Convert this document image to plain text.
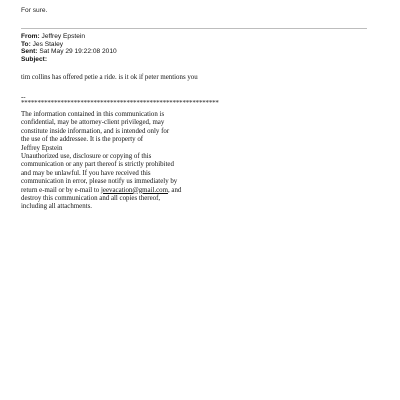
For sure.

From: Jeffrey Epstein
To: Jes Staley
Sent: Sat May 29 19:22:08 2010
Subject:
tim collins has offered petie a ride. is it ok if peter mentions you
--
************************************************************
The information contained in this communication is
confidential, may be attorney-client privileged, may
constitute inside information, and is intended only for
the use of the addressee. It is the property of
Jeffrey Epstein
Unauthorized use, disclosure or copying of this
communication or any part thereof is strictly prohibited
and may be unlawful. If you have received this
communication in error, please notify us immediately by
return e-mail or by e-mail to jeevacation@gmail.com, and
destroy this communication and all copies thereof,
including all attachments.
